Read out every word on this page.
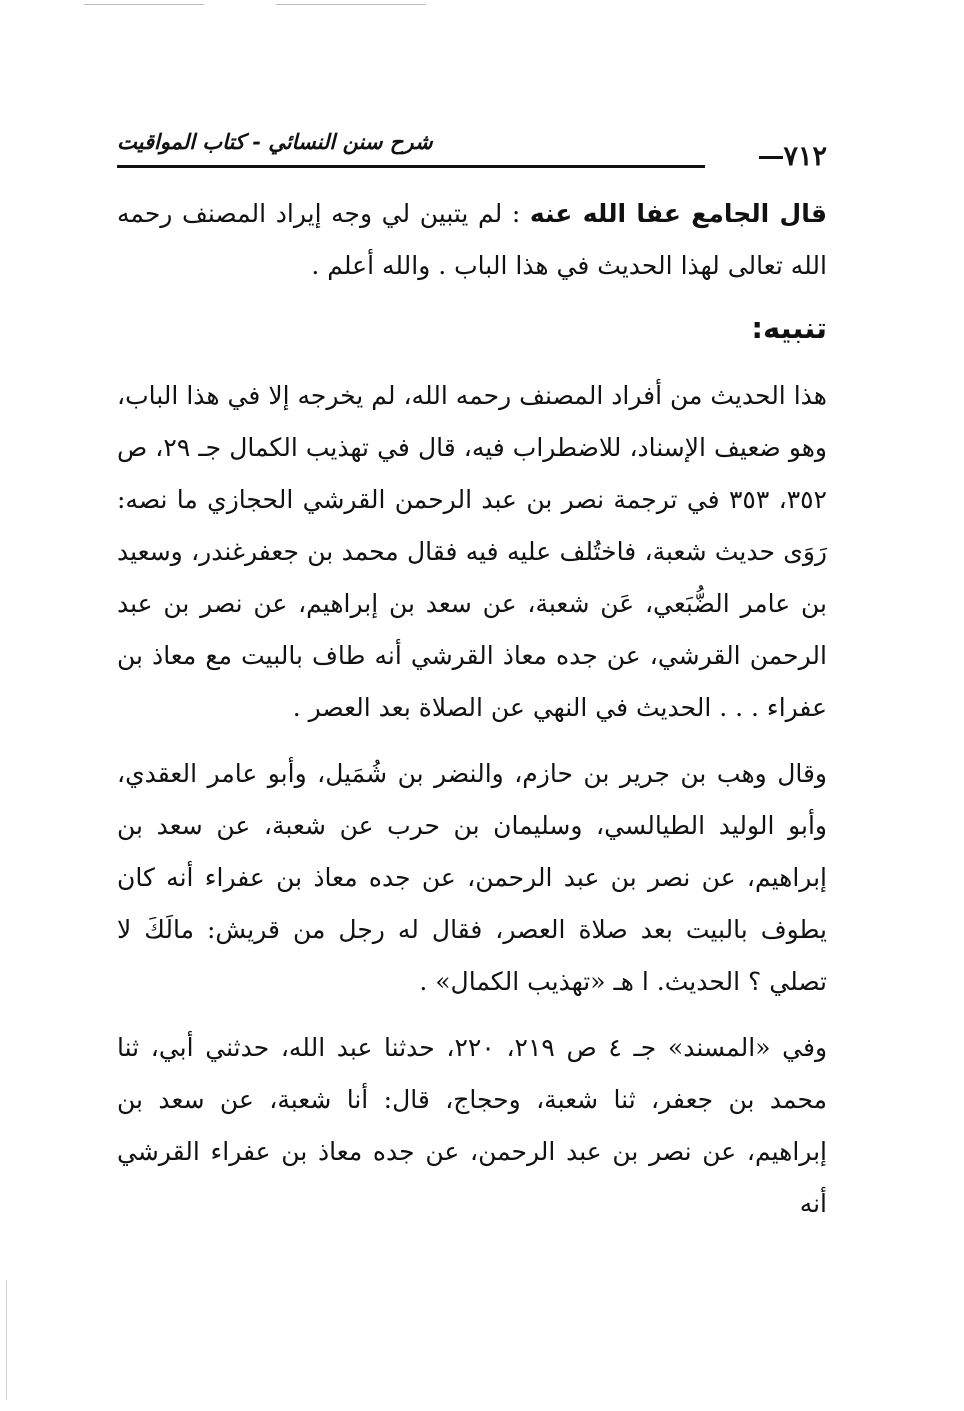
٧١٢
شرح سنن النسائي - كتاب المواقيت

قال الجامع عفا الله عنه : لم يتبين لي وجه إيراد المصنف رحمه الله تعالى لهذا الحديث في هذا الباب . والله أعلم .

تنبيه:

هذا الحديث من أفراد المصنف رحمه الله، لم يخرجه إلا في هذا الباب، وهو ضعيف الإسناد، للاضطراب فيه، قال في تهذيب الكمال جـ ٢٩، ص ٣٥٢، ٣٥٣ في ترجمة نصر بن عبد الرحمن القرشي الحجازي ما نصه: رَوَى حديث شعبة، فاختُلف عليه فيه فقال محمد بن جعفرغندر، وسعيد بن عامر الضُّبَعي، عَن شعبة، عن سعد بن إبراهيم، عن نصر بن عبد الرحمن القرشي، عن جده معاذ القرشي أنه طاف بالبيت مع معاذ بن عفراء . . . الحديث في النهي عن الصلاة بعد العصر .

وقال وهب بن جرير بن حازم، والنضر بن شُمَيل، وأبو عامر العقدي، وأبو الوليد الطيالسي، وسليمان بن حرب عن شعبة، عن سعد بن إبراهيم، عن نصر بن عبد الرحمن، عن جده معاذ بن عفراء أنه كان يطوف بالبيت بعد صلاة العصر، فقال له رجل من قريش: مالَكَ لا تصلي ؟ الحديث. ا هـ «تهذيب الكمال» .

وفي «المسند» جـ ٤ ص ٢١٩، ٢٢٠، حدثنا عبد الله، حدثني أبي، ثنا محمد بن جعفر، ثنا شعبة، وحجاج، قال: أنا شعبة، عن سعد بن إبراهيم، عن نصر بن عبد الرحمن، عن جده معاذ بن عفراء القرشي أنه
